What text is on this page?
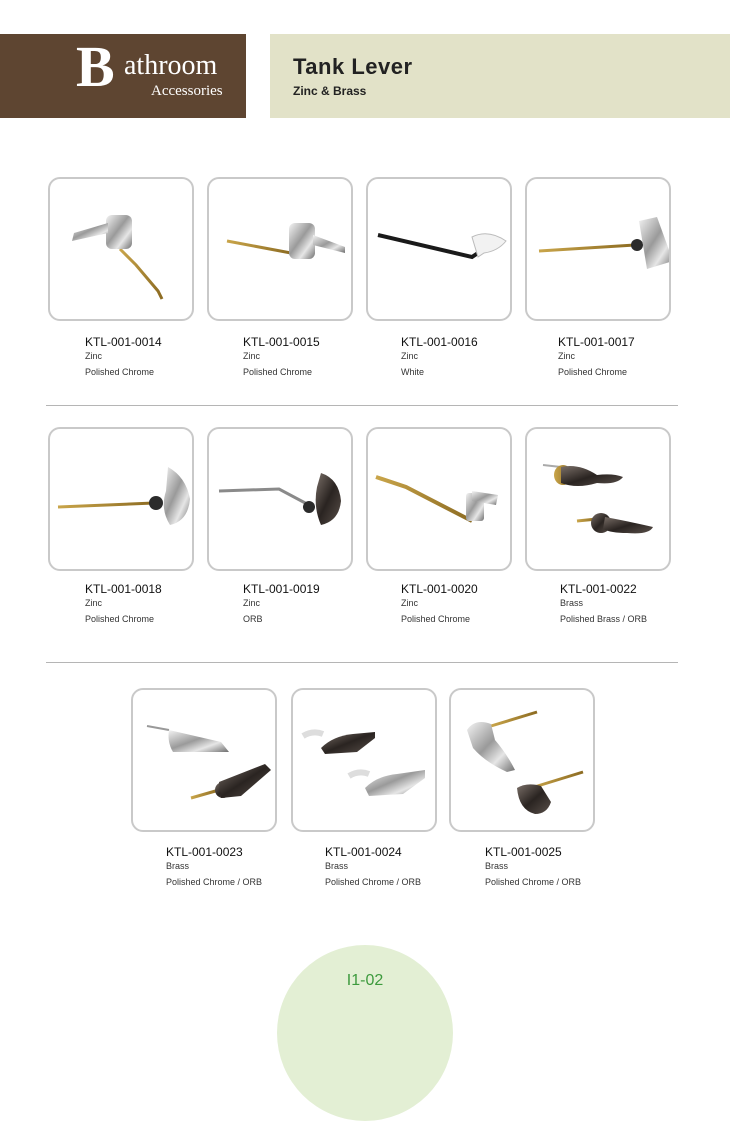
B athroom
Accessories
Tank Lever
Zinc & Brass
KTL-001-0014
Zinc
Polished Chrome
KTL-001-0015
Zinc
Polished Chrome
KTL-001-0016
Zinc
White
KTL-001-0017
Zinc
Polished Chrome
KTL-001-0018
Zinc
Polished Chrome
KTL-001-0019
Zinc
ORB
KTL-001-0020
Zinc
Polished Chrome
KTL-001-0022
Brass
Polished Brass / ORB
KTL-001-0023
Brass
Polished Chrome / ORB
KTL-001-0024
Brass
Polished Chrome / ORB
KTL-001-0025
Brass
Polished Chrome / ORB
I1-02
